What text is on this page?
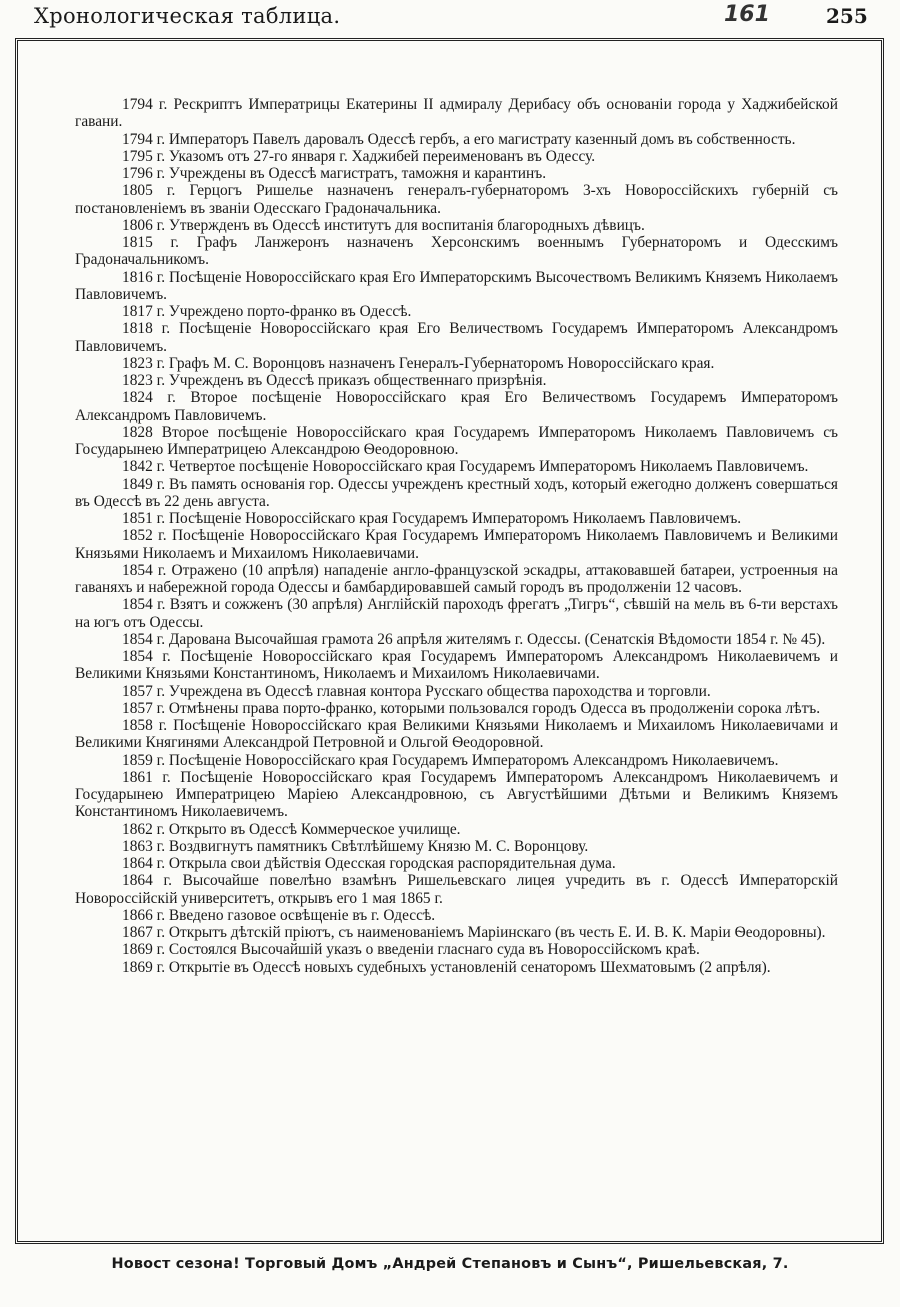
Хронологическая таблица.	161	255

1794 г. Рескриптъ Императрицы Екатерины II адмиралу Дерибасу объ основаніи города у Хаджибейской гавани.

1794 г. Императоръ Павелъ даровалъ Одессѣ гербъ, а его магистрату казенный домъ въ собственность.

1795 г. Указомъ отъ 27-го января г. Хаджибей переименованъ въ Одессу.

1796 г. Учреждены въ Одессѣ магистратъ, таможня и карантинъ.

1805 г. Герцогъ Ришелье назначенъ генералъ-губернаторомъ 3-хъ Новороссійскихъ губерній съ постановленіемъ въ званіи Одесскаго Градоначальника.

1806 г. Утвержденъ въ Одессѣ институтъ для воспитанія благородныхъ дѣвицъ.

1815 г. Графъ Ланжеронъ назначенъ Херсонскимъ военнымъ Губернаторомъ и Одесскимъ Градоначальникомъ.

1816 г. Посѣщеніе Новороссійскаго края Его Императорскимъ Высочествомъ Великимъ Княземъ Николаемъ Павловичемъ.

1817 г. Учреждено порто-франко въ Одессѣ.

1818 г. Посѣщеніе Новороссійскаго края Его Величествомъ Государемъ Императоромъ Александромъ Павловичемъ.

1823 г. Графъ М. С. Воронцовъ назначенъ Генералъ-Губернаторомъ Новороссійскаго края.

1823 г. Учрежденъ въ Одессѣ приказъ общественнаго призрѣнія.

1824 г. Второе посѣщеніе Новороссійскаго края Его Величествомъ Государемъ Императоромъ Александромъ Павловичемъ.

1828 Второе посѣщеніе Новороссійскаго края Государемъ Императоромъ Николаемъ Павловичемъ съ Государынею Императрицею Александрою Ѳеодоровною.

1842 г. Четвертое посѣщеніе Новороссійскаго края Государемъ Императоромъ Николаемъ Павловичемъ.

1849 г. Въ память основанія гор. Одессы учрежденъ крестный ходъ, который ежегодно долженъ совершаться въ Одессѣ въ 22 день августа.

1851 г. Посѣщеніе Новороссійскаго края Государемъ Императоромъ Николаемъ Павловичемъ.

1852 г. Посѣщеніе Новороссійскаго Края Государемъ Императоромъ Николаемъ Павловичемъ и Великими Князьями Николаемъ и Михаиломъ Николаевичами.

1854 г. Отражено (10 апрѣля) нападеніе англо-французской эскадры, аттаковавшей батареи, устроенныя на гаваняхъ и набережной города Одессы и бамбардировавшей самый городъ въ продолженіи 12 часовъ.

1854 г. Взятъ и сожженъ (30 апрѣля) Англійскій пароходъ фрегатъ „Тигръ“, сѣвшій на мель въ 6-ти верстахъ на югъ отъ Одессы.

1854 г. Дарована Высочайшая грамота 26 апрѣля жителямъ г. Одессы. (Сенатскія Вѣдомости 1854 г. № 45).

1854 г. Посѣщеніе Новороссійскаго края Государемъ Императоромъ Александромъ Николаевичемъ и Великими Князьями Константиномъ, Николаемъ и Михаиломъ Николаевичами.

1857 г. Учреждена въ Одессѣ главная контора Русскаго общества пароходства и торговли.

1857 г. Отмѣнены права порто-франко, которыми пользовался городъ Одесса въ продолженіи сорока лѣтъ.

1858 г. Посѣщеніе Новороссійскаго края Великими Князьями Николаемъ и Михаиломъ Николаевичами и Великими Княгинями Александрой Петровной и Ольгой Ѳеодоровной.

1859 г. Посѣщеніе Новороссійскаго края Государемъ Императоромъ Александромъ Николаевичемъ.

1861 г. Посѣщеніе Новороссійскаго края Государемъ Императоромъ Александромъ Николаевичемъ и Государынею Императрицею Маріею Александровною, съ Августѣйшими Дѣтьми и Великимъ Княземъ Константиномъ Николаевичемъ.

1862 г. Открыто въ Одессѣ Коммерческое училище.

1863 г. Воздвигнутъ памятникъ Свѣтлѣйшему Князю М. С. Воронцову.

1864 г. Открыла свои дѣйствія Одесская городская распорядительная дума.

1864 г. Высочайше повелѣно взамѣнъ Ришельевскаго лицея учредить въ г. Одессѣ Императорскій Новороссійскій университетъ, открывъ его 1 мая 1865 г.

1866 г. Введено газовое освѣщеніе въ г. Одессѣ.

1867 г. Открытъ дѣтскій пріютъ, съ наименованіемъ Маріинскаго (въ честь Е. И. В. К. Маріи Ѳеодоровны).

1869 г. Состоялся Высочайшій указъ о введеніи гласнаго суда въ Новороссійскомъ краѣ.

1869 г. Открытіе въ Одессѣ новыхъ судебныхъ установленій сенаторомъ Шехматовымъ (2 апрѣля).

Новост сезона! Торговый Домъ „Андрей Степановъ и Сынъ“, Ришельевская, 7.
